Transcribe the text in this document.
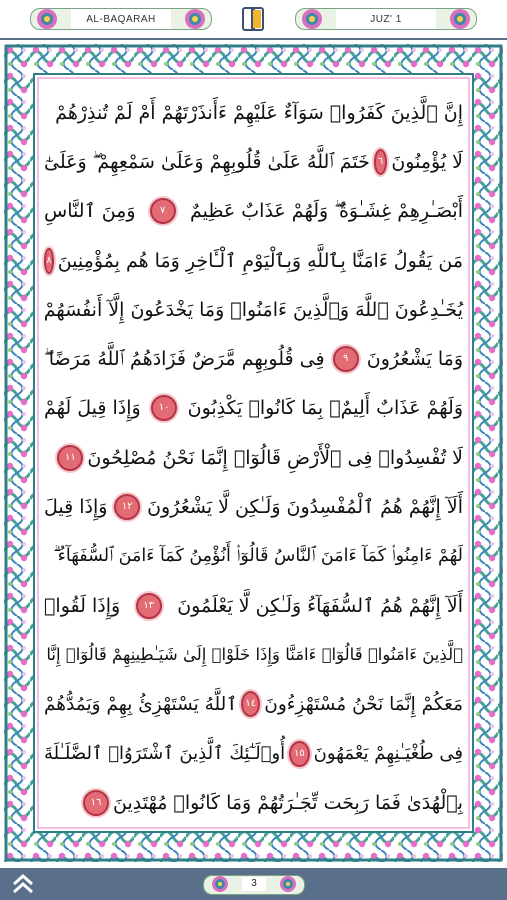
AL-BAQARAH	JUZ' 1
إِنَّ ٱلَّذِينَ كَفَرُوا۟ سَوَآءٌ عَلَيْهِمْ ءَأَنذَرْتَهُمْ أَمْ لَمْ تُنذِرْهُمْ
لَا يُؤْمِنُونَ
٦
خَتَمَ ٱللَّهُ عَلَىٰ قُلُوبِهِمْ وَعَلَىٰ سَمْعِهِمْ ۖ وَعَلَىٰٓ
أَبْصَـٰرِهِمْ غِشَـٰوَةٌ ۖ وَلَهُمْ عَذَابٌ عَظِيمٌ
٧
وَمِنَ ٱلنَّاسِ
مَن يَقُولُ ءَامَنَّا بِٱللَّهِ وَبِٱلْيَوْمِ ٱلْـَٔاخِرِ وَمَا هُم بِمُؤْمِنِينَ
٨
يُخَـٰدِعُونَ ٱللَّهَ وَٱلَّذِينَ ءَامَنُوا۟ وَمَا يَخْدَعُونَ إِلَّآ أَنفُسَهُمْ
وَمَا يَشْعُرُونَ
٩
فِى قُلُوبِهِم مَّرَضٌ فَزَادَهُمُ ٱللَّهُ مَرَضًا ۖ
وَلَهُمْ عَذَابٌ أَلِيمٌۢ بِمَا كَانُوا۟ يَكْذِبُونَ
١٠
وَإِذَا قِيلَ لَهُمْ
لَا تُفْسِدُوا۟ فِى ٱلْأَرْضِ قَالُوٓا۟ إِنَّمَا نَحْنُ مُصْلِحُونَ
١١
أَلَآ إِنَّهُمْ هُمُ ٱلْمُفْسِدُونَ وَلَـٰكِن لَّا يَشْعُرُونَ
١٢
وَإِذَا قِيلَ
لَهُمْ ءَامِنُوا۟ كَمَآ ءَامَنَ ٱلنَّاسُ قَالُوٓا۟ أَنُؤْمِنُ كَمَآ ءَامَنَ ٱلسُّفَهَآءُ ۗ
أَلَآ إِنَّهُمْ هُمُ ٱلسُّفَهَآءُ وَلَـٰكِن لَّا يَعْلَمُونَ
١٣
وَإِذَا لَقُوا۟
ٱلَّذِينَ ءَامَنُوا۟ قَالُوٓا۟ ءَامَنَّا وَإِذَا خَلَوْا۟ إِلَىٰ شَيَـٰطِينِهِمْ قَالُوٓا۟ إِنَّا
مَعَكُمْ إِنَّمَا نَحْنُ مُسْتَهْزِءُونَ
١٤
ٱللَّهُ يَسْتَهْزِئُ بِهِمْ وَيَمُدُّهُمْ
فِى طُغْيَـٰنِهِمْ يَعْمَهُونَ
١٥
أُو۟لَـٰٓئِكَ ٱلَّذِينَ ٱشْتَرَوُا۟ ٱلضَّلَـٰلَةَ
بِٱلْهُدَىٰ فَمَا رَبِحَت تِّجَـٰرَتُهُمْ وَمَا كَانُوا۟ مُهْتَدِينَ
١٦
3
